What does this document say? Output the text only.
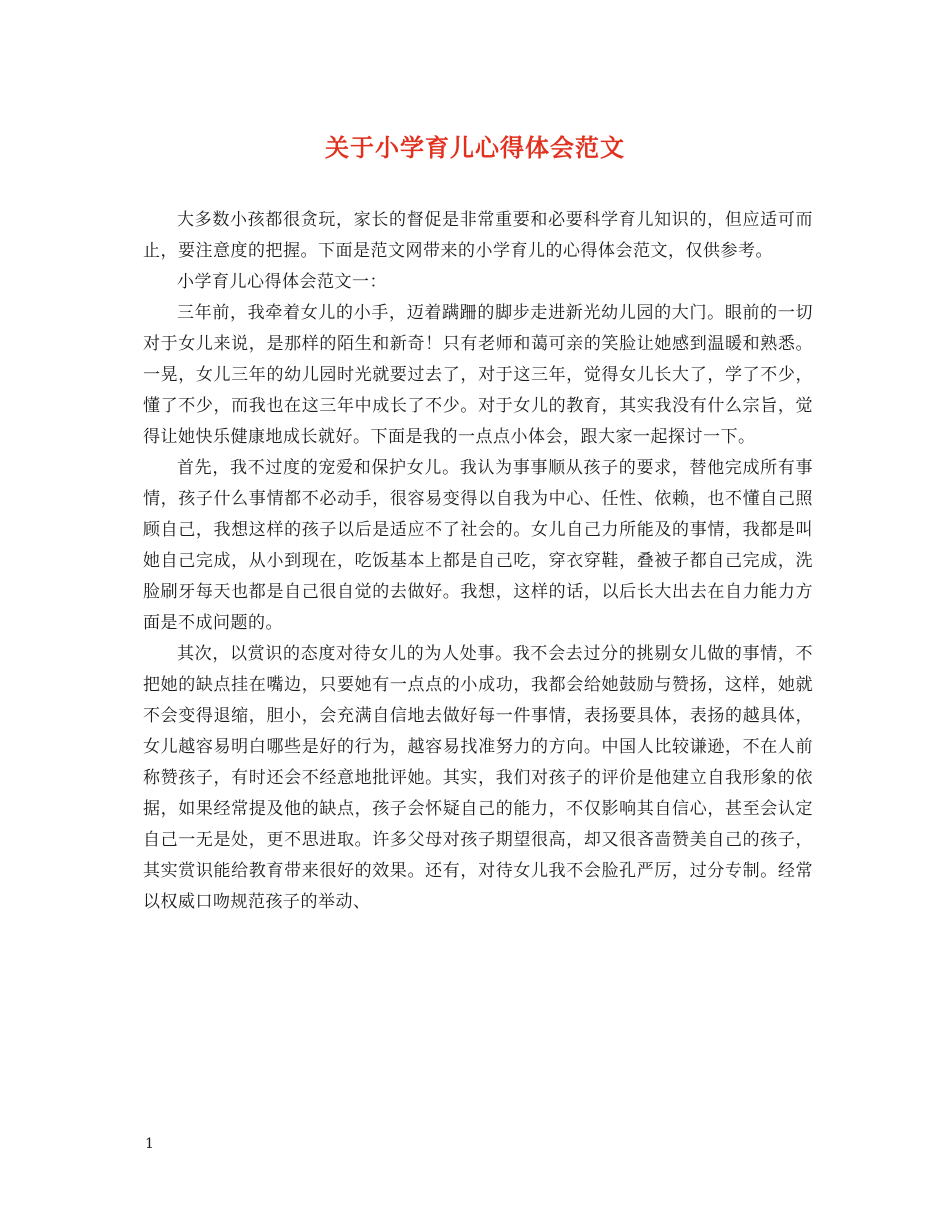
关于小学育儿心得体会范文

大多数小孩都很贪玩，家长的督促是非常重要和必要科学育儿知识的，但应适可而止，要注意度的把握。下面是范文网带来的小学育儿的心得体会范文，仅供参考。

小学育儿心得体会范文一：

三年前，我牵着女儿的小手，迈着蹒跚的脚步走进新光幼儿园的大门。眼前的一切对于女儿来说，是那样的陌生和新奇！只有老师和蔼可亲的笑脸让她感到温暖和熟悉。一晃，女儿三年的幼儿园时光就要过去了，对于这三年，觉得女儿长大了，学了不少，懂了不少，而我也在这三年中成长了不少。对于女儿的教育，其实我没有什么宗旨，觉得让她快乐健康地成长就好。下面是我的一点点小体会，跟大家一起探讨一下。

首先，我不过度的宠爱和保护女儿。我认为事事顺从孩子的要求，替他完成所有事情，孩子什么事情都不必动手，很容易变得以自我为中心、任性、依赖，也不懂自己照顾自己，我想这样的孩子以后是适应不了社会的。女儿自己力所能及的事情，我都是叫她自己完成，从小到现在，吃饭基本上都是自己吃，穿衣穿鞋，叠被子都自己完成，洗脸刷牙每天也都是自己很自觉的去做好。我想，这样的话，以后长大出去在自力能力方面是不成问题的。

其次，以赏识的态度对待女儿的为人处事。我不会去过分的挑剔女儿做的事情，不把她的缺点挂在嘴边，只要她有一点点的小成功，我都会给她鼓励与赞扬，这样，她就不会变得退缩，胆小，会充满自信地去做好每一件事情，表扬要具体，表扬的越具体，女儿越容易明白哪些是好的行为，越容易找准努力的方向。中国人比较谦逊，不在人前称赞孩子，有时还会不经意地批评她。其实，我们对孩子的评价是他建立自我形象的依据，如果经常提及他的缺点，孩子会怀疑自己的能力，不仅影响其自信心，甚至会认定自己一无是处，更不思进取。许多父母对孩子期望很高，却又很吝啬赞美自己的孩子，其实赏识能给教育带来很好的效果。还有，对待女儿我不会脸孔严厉，过分专制。经常以权威口吻规范孩子的举动、

1
